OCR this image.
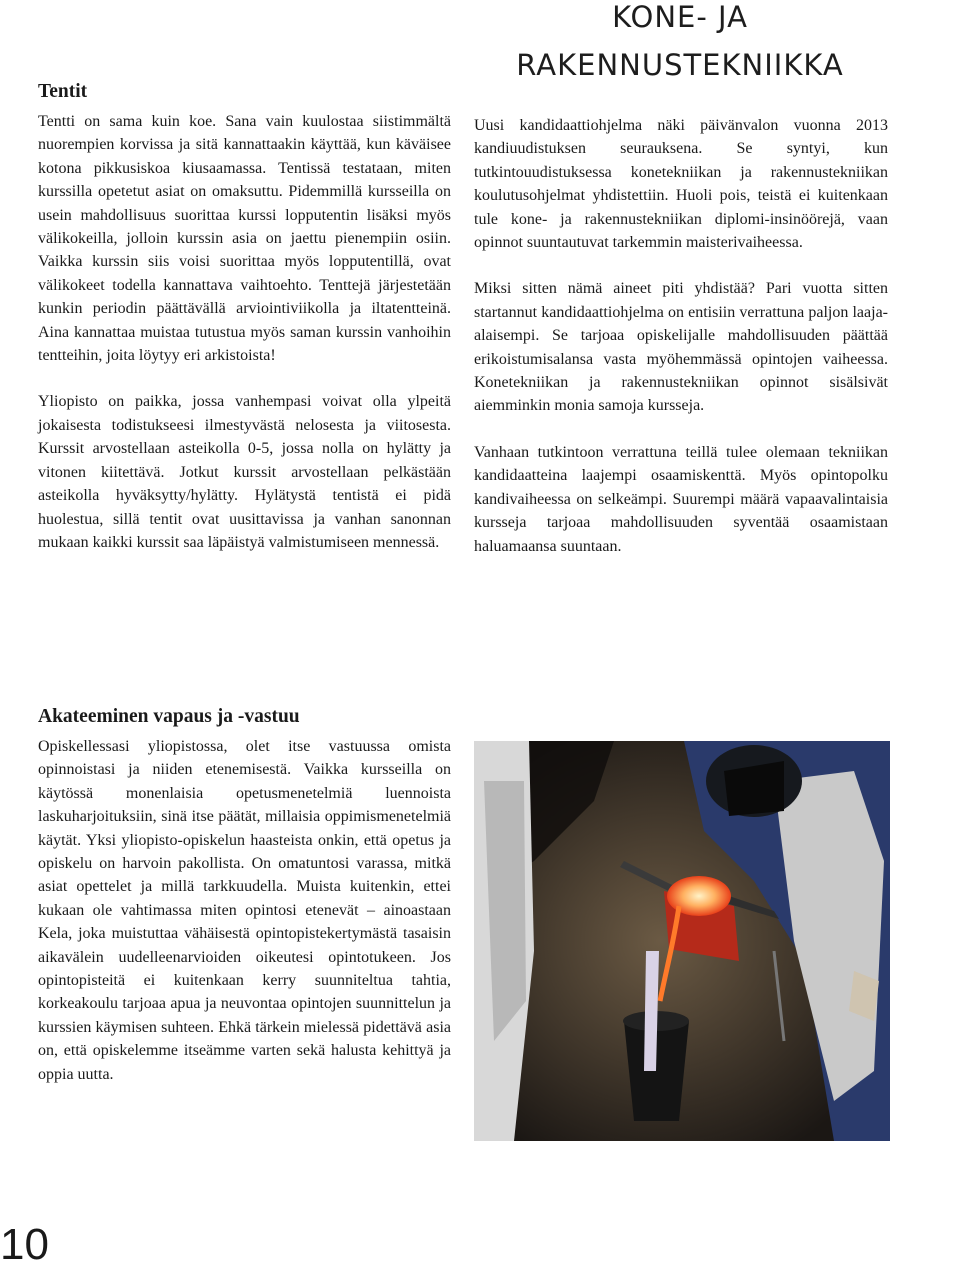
KONE- JA
RAKENNUSTEKNIIKKA
Tentit

Tentti on sama kuin koe. Sana vain kuulostaa siistimmältä nuorempien korvissa ja sitä kannattaakin käyttää, kun käväisee kotona pikkusiskoa kiusaamassa. Tentissä testataan, miten kurssilla opetetut asiat on omaksuttu. Pidemmillä kursseilla on usein mahdollisuus suorittaa kurssi lopputentin lisäksi myös välikokeilla, jolloin kurssin asia on jaettu pienempiin osiin. Vaikka kurssin siis voisi suorittaa myös lopputentillä, ovat välikokeet todella kannattava vaihtoehto. Tenttejä järjestetään kunkin periodin päättävällä arviointiviikolla ja iltatentteinä. Aina kannattaa muistaa tutustua myös saman kurssin vanhoihin tentteihin, joita löytyy eri arkistoista!

Yliopisto on paikka, jossa vanhempasi voivat olla ylpeitä jokaisesta todistukseesi ilmestyvästä nelosesta ja viitosesta. Kurssit arvostellaan asteikolla 0-5, jossa nolla on hylätty ja vitonen kiitettävä. Jotkut kurssit arvostellaan pelkästään asteikolla hyväksytty/hylätty. Hylätystä tentistä ei pidä huolestua, sillä tentit ovat uusittavissa ja vanhan sanonnan mukaan kaikki kurssit saa läpäistyä valmistumiseen mennessä.

Uusi kandidaattiohjelma näki päivänvalon vuonna 2013 kandiuudistuksen seurauksena. Se syntyi, kun tutkintouudistuksessa konetekniikan ja rakennustekniikan koulutusohjelmat yhdistettiin. Huoli pois, teistä ei kuitenkaan tule kone- ja rakennustekniikan diplomi-insinöörejä, vaan opinnot suuntautuvat tarkemmin maisterivaiheessa.

Miksi sitten nämä aineet piti yhdistää? Pari vuotta sitten startannut kandidaattiohjelma on entisiin verrattuna paljon laaja-alaisempi. Se tarjoaa opiskelijalle mahdollisuuden päättää erikoistumisalansa vasta myöhemmässä opintojen vaiheessa. Konetekniikan ja rakennustekniikan opinnot sisälsivät aiemminkin monia samoja kursseja.

Vanhaan tutkintoon verrattuna teillä tulee olemaan tekniikan kandidaatteina laajempi osaamiskenttä. Myös opintopolku kandivaiheessa on selkeämpi. Suurempi määrä vapaavalintaisia kursseja tarjoaa mahdollisuuden syventää osaamistaan haluamaansa suuntaan.

Akateeminen vapaus ja -vastuu

Opiskellessasi yliopistossa, olet itse vastuussa omista opinnoistasi ja niiden etenemisestä. Vaikka kursseilla on käytössä monenlaisia opetusmenetelmiä luennoista laskuharjoituksiin, sinä itse päätät, millaisia oppimismenetelmiä käytät. Yksi yliopisto-opiskelun haasteista onkin, että opetus ja opiskelu on harvoin pakollista. On omatuntosi varassa, mitkä asiat opettelet ja millä tarkkuudella. Muista kuitenkin, ettei kukaan ole vahtimassa miten opintosi etenevät – ainoastaan Kela, joka muistuttaa vähäisestä opintopistekertymästä tasaisin aikavälein uudelleenarvioiden oikeutesi opintotukeen. Jos opintopisteitä ei kuitenkaan kerry suunniteltua tahtia, korkeakoulu tarjoaa apua ja neuvontaa opintojen suunnittelun ja kurssien käymisen suhteen. Ehkä tärkein mielessä pidettävä asia on, että opiskelemme itseämme varten sekä halusta kehittyä ja oppia uutta.

10
